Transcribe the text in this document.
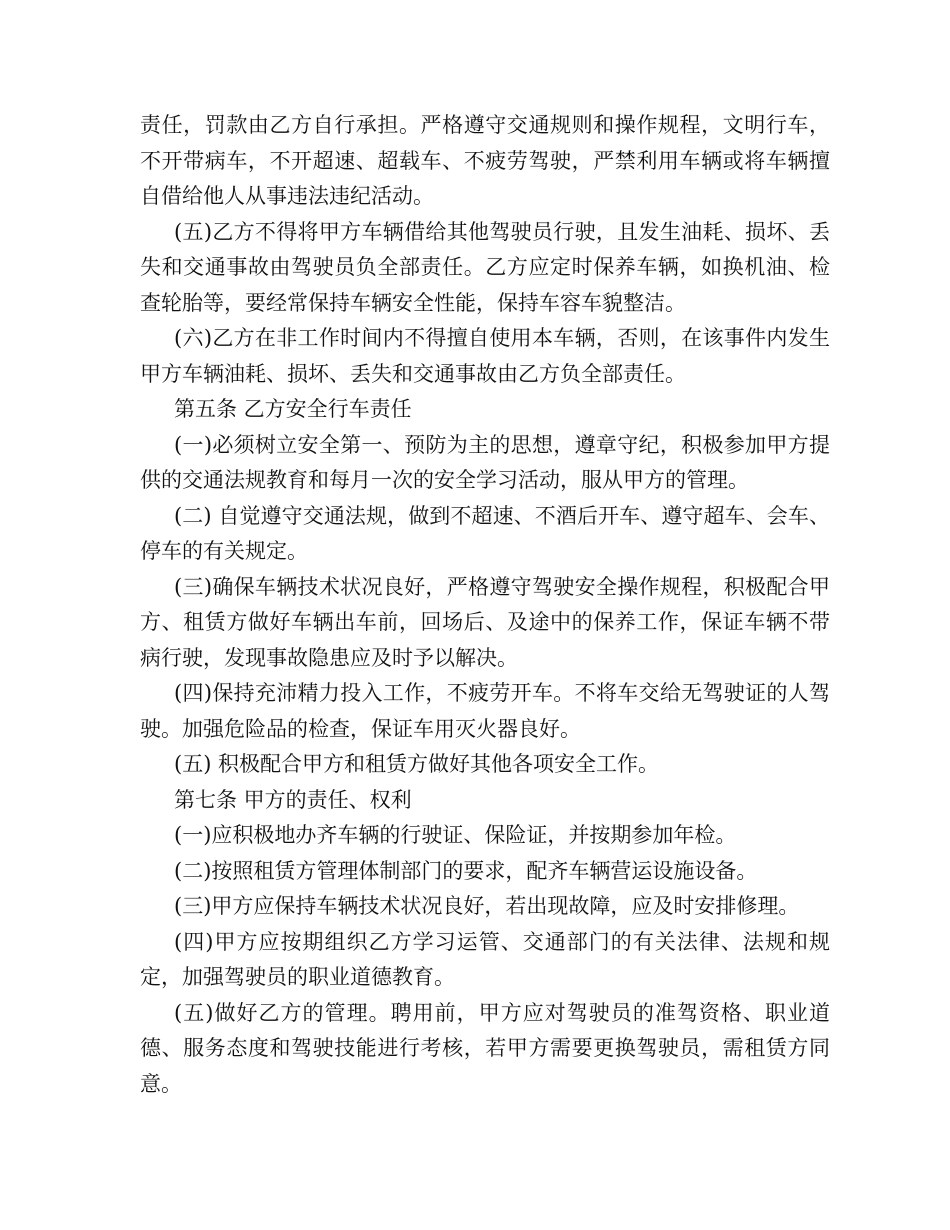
责任，罚款由乙方自行承担。严格遵守交通规则和操作规程，文明行车，不开带病车，不开超速、超载车、不疲劳驾驶，严禁利用车辆或将车辆擅自借给他人从事违法违纪活动。

(五)乙方不得将甲方车辆借给其他驾驶员行驶，且发生油耗、损坏、丢失和交通事故由驾驶员负全部责任。乙方应定时保养车辆，如换机油、检查轮胎等，要经常保持车辆安全性能，保持车容车貌整洁。

(六)乙方在非工作时间内不得擅自使用本车辆，否则，在该事件内发生甲方车辆油耗、损坏、丢失和交通事故由乙方负全部责任。

第五条 乙方安全行车责任

(一)必须树立安全第一、预防为主的思想，遵章守纪，积极参加甲方提供的交通法规教育和每月一次的安全学习活动，服从甲方的管理。

(二) 自觉遵守交通法规，做到不超速、不酒后开车、遵守超车、会车、停车的有关规定。

(三)确保车辆技术状况良好，严格遵守驾驶安全操作规程，积极配合甲方、租赁方做好车辆出车前，回场后、及途中的保养工作，保证车辆不带病行驶，发现事故隐患应及时予以解决。

(四)保持充沛精力投入工作，不疲劳开车。不将车交给无驾驶证的人驾驶。加强危险品的检查，保证车用灭火器良好。

(五) 积极配合甲方和租赁方做好其他各项安全工作。

第七条 甲方的责任、权利

(一)应积极地办齐车辆的行驶证、保险证，并按期参加年检。

(二)按照租赁方管理体制部门的要求，配齐车辆营运设施设备。

(三)甲方应保持车辆技术状况良好，若出现故障，应及时安排修理。

(四)甲方应按期组织乙方学习运管、交通部门的有关法律、法规和规定，加强驾驶员的职业道德教育。

(五)做好乙方的管理。聘用前，甲方应对驾驶员的准驾资格、职业道德、服务态度和驾驶技能进行考核，若甲方需要更换驾驶员，需租赁方同意。
